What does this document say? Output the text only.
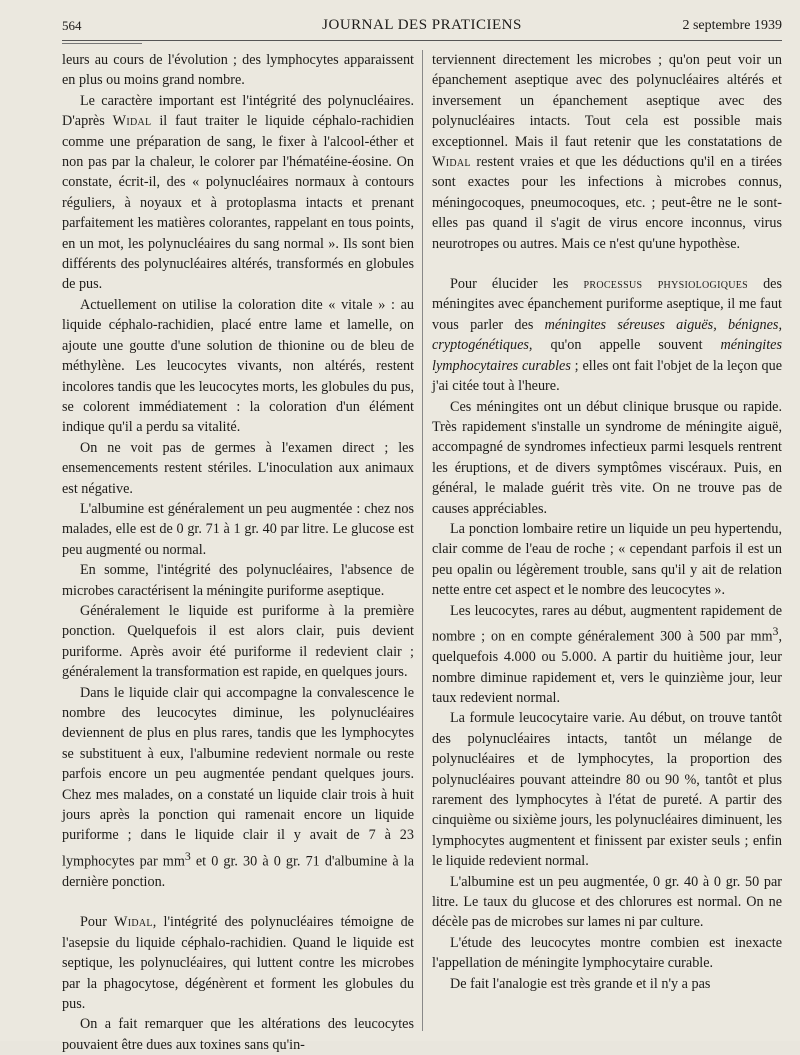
564	JOURNAL DES PRATICIENS	2 septembre 1939

leurs au cours de l'évolution ; des lymphocytes apparaissent en plus ou moins grand nombre.

Le caractère important est l'intégrité des polynucléaires. D'après Widal il faut traiter le liquide céphalo-rachidien comme une préparation de sang, le fixer à l'alcool-éther et non pas par la chaleur, le colorer par l'hématéine-éosine. On constate, écrit-il, des « polynucléaires normaux à contours réguliers, à noyaux et à protoplasma intacts et prenant parfaitement les matières colorantes, rappelant en tous points, en un mot, les polynucléaires du sang normal ». Ils sont bien différents des polynucléaires altérés, transformés en globules de pus.

Actuellement on utilise la coloration dite « vitale » : au liquide céphalo-rachidien, placé entre lame et lamelle, on ajoute une goutte d'une solution de thionine ou de bleu de méthylène. Les leucocytes vivants, non altérés, restent incolores tandis que les leucocytes morts, les globules du pus, se colorent immédiatement : la coloration d'un élément indique qu'il a perdu sa vitalité.

On ne voit pas de germes à l'examen direct ; les ensemencements restent stériles. L'inoculation aux animaux est négative.

L'albumine est généralement un peu augmentée : chez nos malades, elle est de 0 gr. 71 à 1 gr. 40 par litre. Le glucose est peu augmenté ou normal.

En somme, l'intégrité des polynucléaires, l'absence de microbes caractérisent la méningite puriforme aseptique.

Généralement le liquide est puriforme à la première ponction. Quelquefois il est alors clair, puis devient puriforme. Après avoir été puriforme il redevient clair ; généralement la transformation est rapide, en quelques jours.

Dans le liquide clair qui accompagne la convalescence le nombre des leucocytes diminue, les polynucléaires deviennent de plus en plus rares, tandis que les lymphocytes se substituent à eux, l'albumine redevient normale ou reste parfois encore un peu augmentée pendant quelques jours. Chez mes malades, on a constaté un liquide clair trois à huit jours après la ponction qui ramenait encore un liquide puriforme ; dans le liquide clair il y avait de 7 à 23 lymphocytes par $mm^3$ et 0 gr. 30 à 0 gr. 71 d'albumine à la dernière ponction.

Pour Widal, l'intégrité des polynucléaires témoigne de l'asepsie du liquide céphalo-rachidien. Quand le liquide est septique, les polynucléaires, qui luttent contre les microbes par la phagocytose, dégénèrent et forment les globules du pus.

On a fait remarquer que les altérations des leucocytes pouvaient être dues aux toxines sans qu'in-

terviennent directement les microbes ; qu'on peut voir un épanchement aseptique avec des polynucléaires altérés et inversement un épanchement aseptique avec des polynucléaires intacts. Tout cela est possible mais exceptionnel. Mais il faut retenir que les constatations de Widal restent vraies et que les déductions qu'il en a tirées sont exactes pour les infections à microbes connus, méningocoques, pneumocoques, etc. ; peut-être ne le sont-elles pas quand il s'agit de virus encore inconnus, virus neurotropes ou autres. Mais ce n'est qu'une hypothèse.

Pour élucider les processus physiologiques des méningites avec épanchement puriforme aseptique, il me faut vous parler des méningites séreuses aiguës, bénignes, cryptogénétiques, qu'on appelle souvent méningites lymphocytaires curables ; elles ont fait l'objet de la leçon que j'ai citée tout à l'heure.

Ces méningites ont un début clinique brusque ou rapide. Très rapidement s'installe un syndrome de méningite aiguë, accompagné de syndromes infectieux parmi lesquels rentrent les éruptions, et de divers symptômes viscéraux. Puis, en général, le malade guérit très vite. On ne trouve pas de causes appréciables.

La ponction lombaire retire un liquide un peu hypertendu, clair comme de l'eau de roche ; « cependant parfois il est un peu opalin ou légèrement trouble, sans qu'il y ait de relation nette entre cet aspect et le nombre des leucocytes ».

Les leucocytes, rares au début, augmentent rapidement de nombre ; on en compte généralement 300 à 500 par $mm^3$, quelquefois 4.000 ou 5.000. A partir du huitième jour, leur nombre diminue rapidement et, vers le quinzième jour, leur taux redevient normal.

La formule leucocytaire varie. Au début, on trouve tantôt des polynucléaires intacts, tantôt un mélange de polynucléaires et de lymphocytes, la proportion des polynucléaires pouvant atteindre 80 ou 90 %, tantôt et plus rarement des lymphocytes à l'état de pureté. A partir des cinquième ou sixième jours, les polynucléaires diminuent, les lymphocytes augmentent et finissent par exister seuls ; enfin le liquide redevient normal.

L'albumine est un peu augmentée, 0 gr. 40 à 0 gr. 50 par litre. Le taux du glucose et des chlorures est normal. On ne décèle pas de microbes sur lames ni par culture.

L'étude des leucocytes montre combien est inexacte l'appellation de méningite lymphocytaire curable.

De fait l'analogie est très grande et il n'y a pas
